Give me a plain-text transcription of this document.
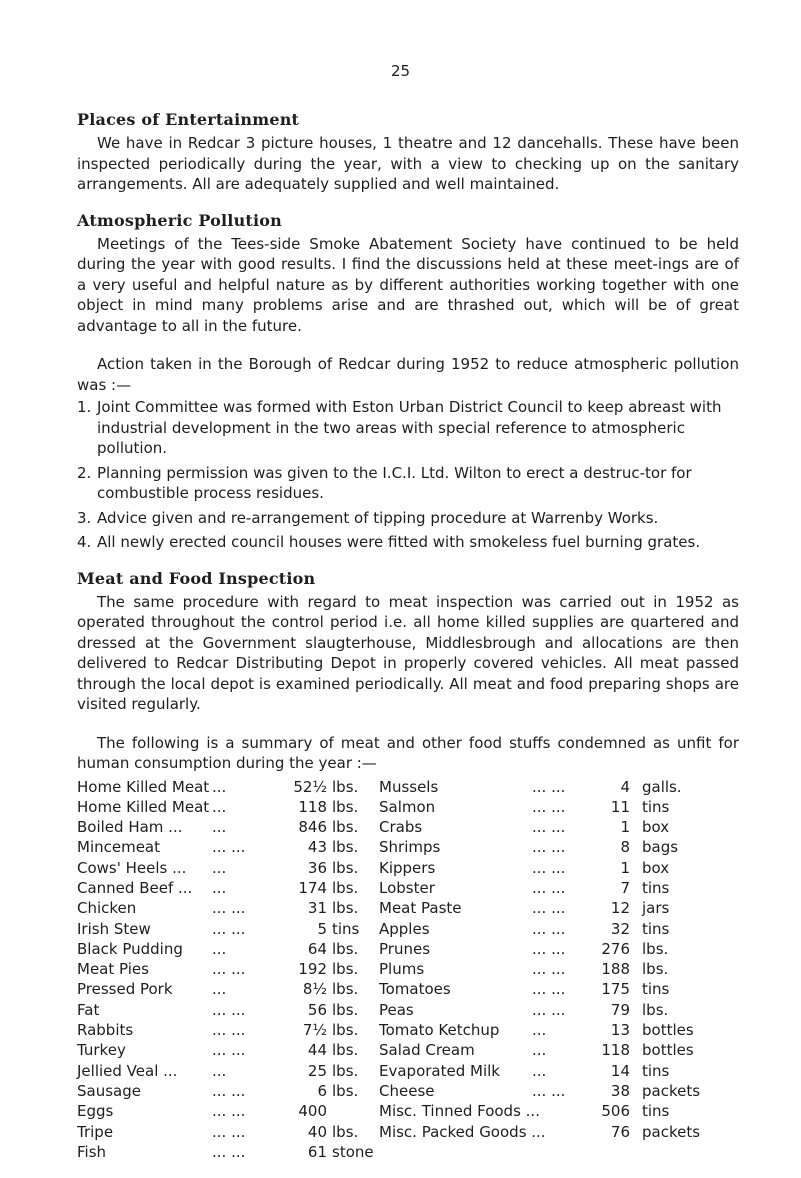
25
Places of Entertainment

We have in Redcar 3 picture houses, 1 theatre and 12 dancehalls. These have been inspected periodically during the year, with a view to checking up on the sanitary arrangements. All are adequately supplied and well maintained.

Atmospheric Pollution

Meetings of the Tees-side Smoke Abatement Society have continued to be held during the year with good results. I find the discussions held at these meet-ings are of a very useful and helpful nature as by different authorities working together with one object in mind many problems arise and are thrashed out, which will be of great advantage to all in the future.

Action taken in the Borough of Redcar during 1952 to reduce atmospheric pollution was :—

1. Joint Committee was formed with Eston Urban District Council to keep abreast with industrial development in the two areas with special reference to atmospheric pollution.
2. Planning permission was given to the I.C.I. Ltd. Wilton to erect a destruc-tor for combustible process residues.
3. Advice given and re-arrangement of tipping procedure at Warrenby Works.
4. All newly erected council houses were fitted with smokeless fuel burning grates.
Meat and Food Inspection

The same procedure with regard to meat inspection was carried out in 1952 as operated throughout the control period i.e. all home killed supplies are quartered and dressed at the Government slaugterhouse, Middlesbrough and allocations are then delivered to Redcar Distributing Depot in properly covered vehicles. All meat passed through the local depot is examined periodically. All meat and food preparing shops are visited regularly.

The following is a summary of meat and other food stuffs condemned as unfit for human consumption during the year :—

Home Killed Meat ...	52½ lbs. Mussels	... ...	4 galls.
Home Killed Meat ...	118 lbs. Salmon	... ...	11 tins
Boiled Ham ... ...	846 lbs. Crabs	... ...	1 box
Mincemeat	... ...	43 lbs. Shrimps	... ...	8 bags
Cows' Heels ... ...	36 lbs. Kippers	... ...	1 box
Canned Beef ... ...	174 lbs. Lobster	... ...	7 tins
Chicken	... ...	31 lbs. Meat Paste	... ...	12 jars
Irish Stew	... ...	5 tins Apples	... ...	32 tins
Black Pudding ...	64 lbs. Prunes	... ...	276 lbs.
Meat Pies	... ...	192 lbs. Plums	... ...	188 lbs.
Pressed Pork	...	8½ lbs. Tomatoes	... ...	175 tins
Fat	... ...	56 lbs. Peas	... ...	79 lbs.
Rabbits	... ...	7½ lbs. Tomato Ketchup ...	13 bottles
Turkey	... ...	44 lbs. Salad Cream	...	118 bottles
Jellied Veal ... ...	25 lbs. Evaporated Milk ...	14 tins
Sausage	... ...	6 lbs. Cheese	... ...	38 packets
Eggs	... ...	400	Misc. Tinned Foods ...	506 tins
Tripe	... ...	40 lbs. Misc. Packed Goods ...	76 packets
Fish	... ...	61 stone
